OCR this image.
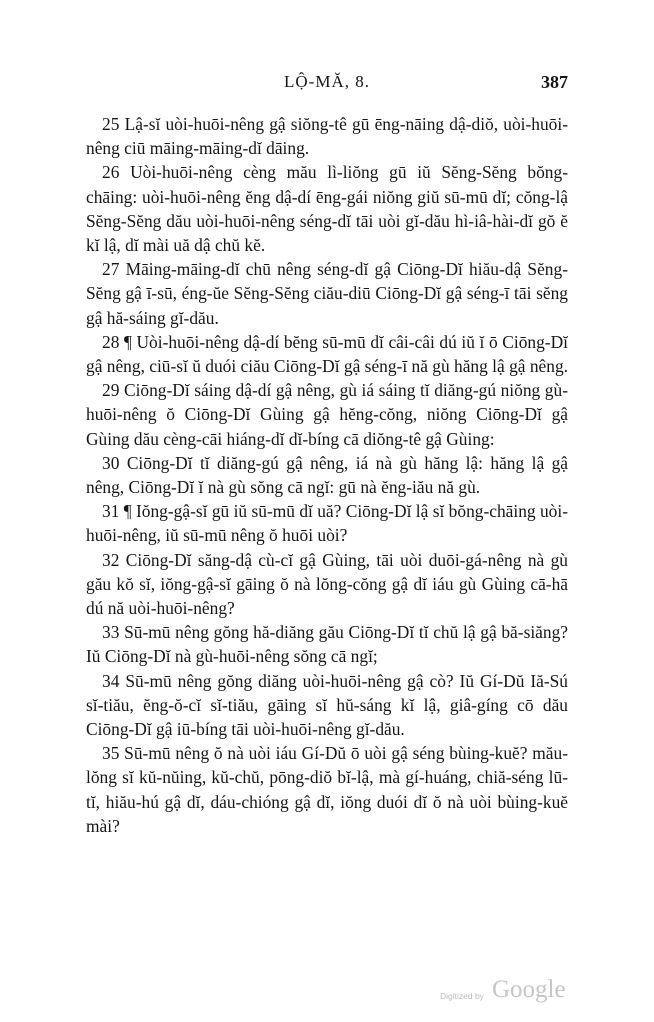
LỘ-MĂ, 8.	387

25 Lậ-sĭ uòi-huōi-nêng gậ siŏng-tê gū ēng-nāing dậ-diŏ, uòi-huōi-nêng ciū māing-māing-dĭ dāing.

26 Uòi-huōi-nêng cèng mău lì-liŏng gū iŭ Sĕng-Sĕng bŏng-chāing: uòi-huōi-nêng ĕng dậ-dí ēng-gái niŏng giŭ sū-mū dĭ; cŏng-lậ Sĕng-Sĕng dău uòi-huōi-nêng séng-dĭ tāi uòi gĭ-dău hì-iâ-hài-dĭ gŏ ĕ kĭ lậ, dĭ mài uă dậ chŭ kĕ.

27 Māing-māing-dĭ chū nêng séng-dĭ gậ Ciōng-Dĭ hiău-dậ Sĕng-Sĕng gậ ī-sū, éng-ŭe Sĕng-Sĕng ciău-diū Ciōng-Dĭ gậ séng-ī tāi sĕng gậ hă-sáing gĭ-dău.

28 ¶ Uòi-huōi-nêng dậ-dí bĕng sū-mū dĭ câi-câi dú iŭ ĭ ō Ciōng-Dĭ gậ nêng, ciū-sĭ ŭ duói ciău Ciōng-Dĭ gậ séng-ī nă gù hăng lậ gậ nêng.

29 Ciōng-Dĭ sáing dậ-dí gậ nêng, gù iá sáing tĭ diăng-gú niŏng gù-huōi-nêng ŏ Ciōng-Dĭ Gùing gậ hĕng-cŏng, niŏng Ciōng-Dĭ gậ Gùing dău cèng-cāi hiáng-dĭ dĭ-bíng cā diŏng-tê gậ Gùing:

30 Ciōng-Dĭ tĭ diăng-gú gậ nêng, iá nà gù hăng lậ: hăng lậ gậ nêng, Ciōng-Dĭ ĭ nà gù sŏng cā ngĭ: gū nà ĕng-iău nă gù.

31 ¶ Iŏng-gậ-sĭ gū iŭ sū-mū dĭ uă? Ciōng-Dĭ lậ sĭ bŏng-chāing uòi-huōi-nêng, iŭ sū-mū nêng ŏ huōi uòi?

32 Ciōng-Dĭ săng-dậ cù-cĭ gậ Gùing, tāi uòi duōi-gá-nêng nà gù gău kŏ sĭ, iŏng-gậ-sĭ gāing ŏ nà lŏng-cŏng gậ dĭ iáu gù Gùing cā-hā dú nă uòi-huōi-nêng?

33 Sū-mū nêng gŏng hă-diăng gău Ciōng-Dĭ tĭ chŭ lậ gậ bă-siăng? Iŭ Ciōng-Dĭ nà gù-huōi-nêng sŏng cā ngĭ;

34 Sū-mū nêng gŏng diăng uòi-huōi-nêng gậ cò? Iŭ Gí-Dŭ Iă-Sú sĭ-tiău, ĕng-ŏ-cĭ sĭ-tiău, gāing sĭ hŭ-sáng kĭ lậ, giâ-gíng cō dău Ciōng-Dĭ gậ iū-bíng tāi uòi-huōi-nêng gĭ-dău.

35 Sū-mū nêng ŏ nà uòi iáu Gí-Dŭ ō uòi gậ séng bùing-kuĕ? mău-lŏng sĭ kŭ-nŭing, kŭ-chŭ, pōng-diŏ bĭ-lậ, mà gí-huáng, chiă-séng lū-tĭ, hiău-hú gậ dĭ, dáu-chióng gậ dĭ, iŏng duói dĭ ŏ nà uòi bùing-kuĕ mài?

Digitized by Google
